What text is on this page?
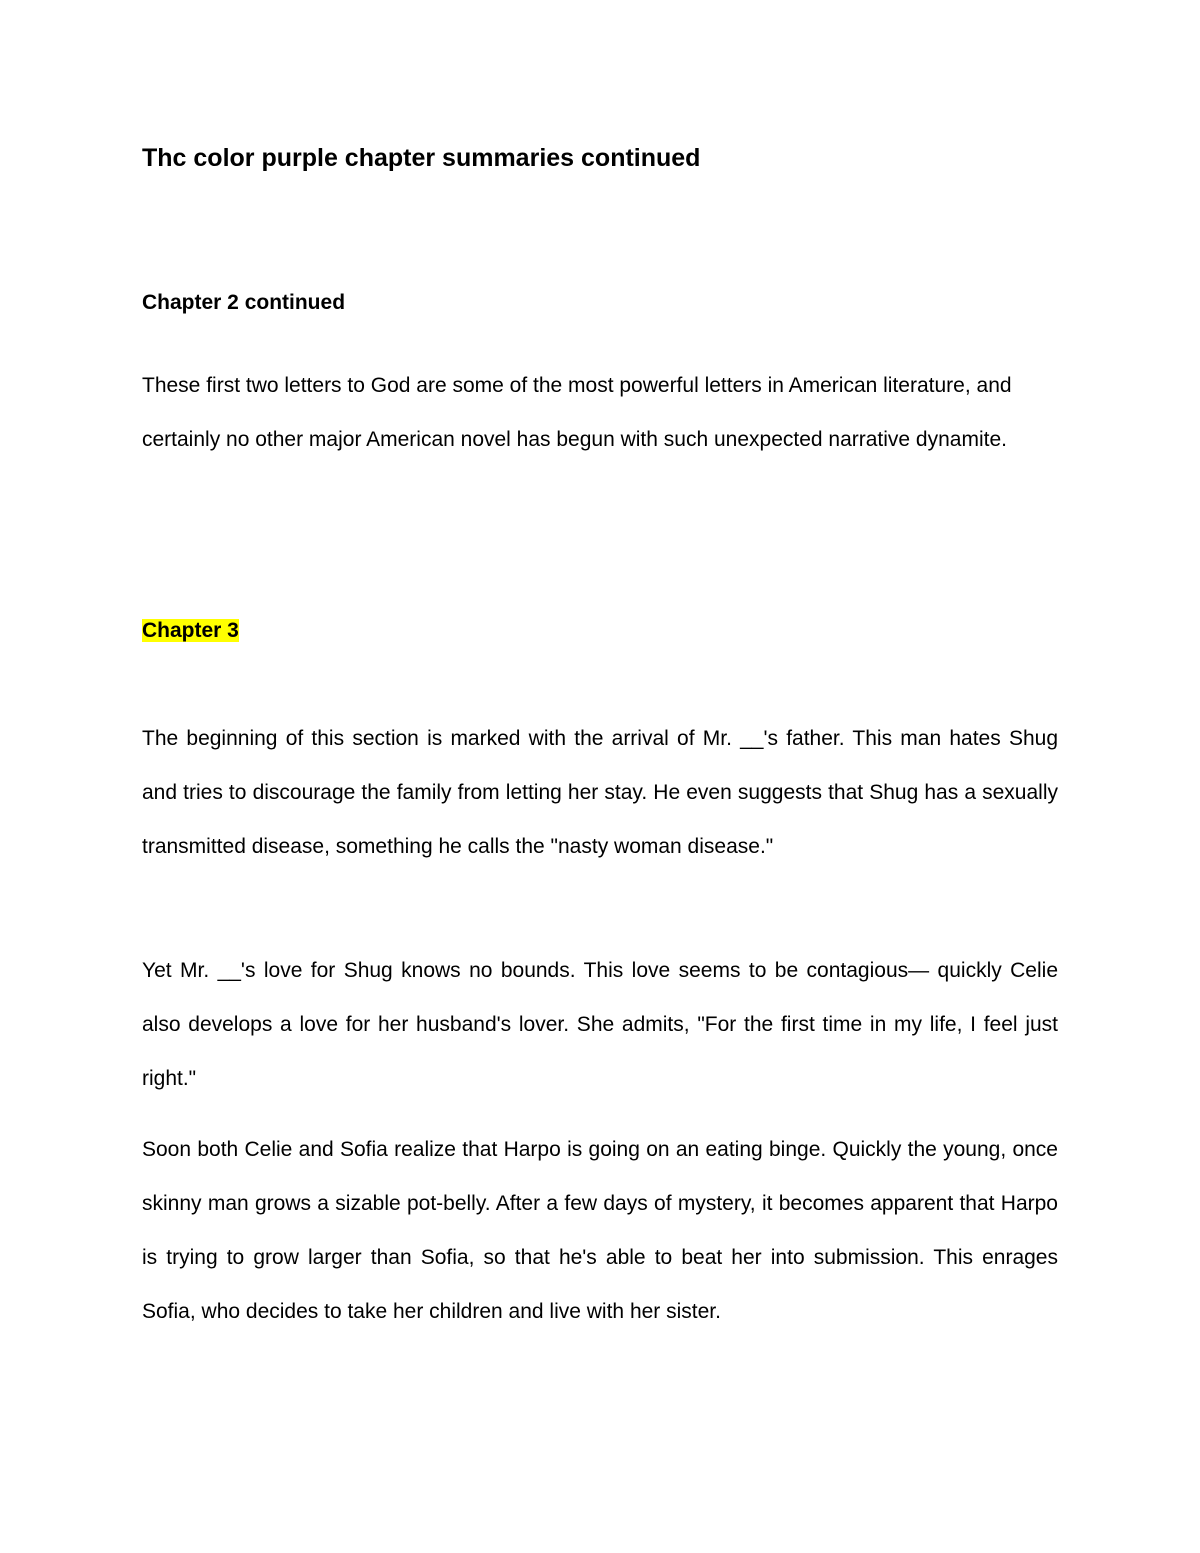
Thc color purple chapter summaries continued
Chapter 2 continued

These first two letters to God are some of the most powerful letters in American literature, and certainly no other major American novel has begun with such unexpected narrative dynamite.

Chapter 3

The beginning of this section is marked with the arrival of Mr. __'s father. This man hates Shug and tries to discourage the family from letting her stay. He even suggests that Shug has a sexually transmitted disease, something he calls the "nasty woman disease."

Yet Mr. __'s love for Shug knows no bounds. This love seems to be contagious— quickly Celie also develops a love for her husband's lover. She admits, "For the first time in my life, I feel just right."

Soon both Celie and Sofia realize that Harpo is going on an eating binge. Quickly the young, once skinny man grows a sizable pot-belly. After a few days of mystery, it becomes apparent that Harpo is trying to grow larger than Sofia, so that he's able to beat her into submission. This enrages Sofia, who decides to take her children and live with her sister.
